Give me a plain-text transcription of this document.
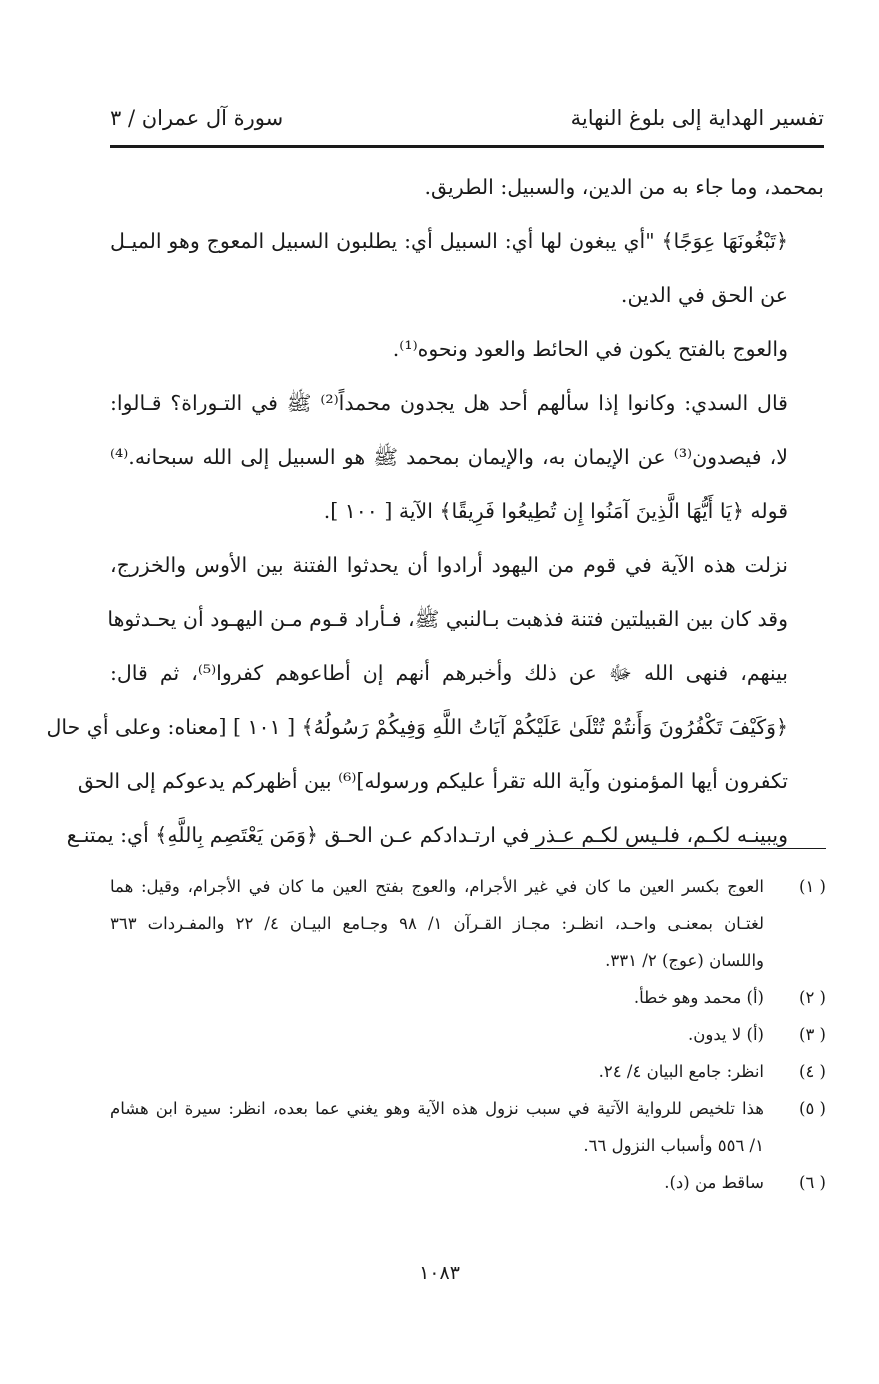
تفسير الهداية إلى بلوغ النهاية
سورة آل عمران / ٣
بمحمد، وما جاء به من الدين، والسبيل: الطريق.
﴿تَبْغُونَهَا عِوَجًا﴾ "أي يبغون لها أي: السبيل أي: يطلبون السبيل المعوج وهو الميـل
عن الحق في الدين.
والعوج بالفتح يكون في الحائط والعود ونحوه⁽¹⁾.
قال السدي: وكانوا إذا سألهم أحد هل يجدون محمداً⁽²⁾ ﷺ في التـوراة؟ قـالوا:
لا، فيصدون⁽³⁾ عن الإيمان به، والإيمان بمحمد ﷺ هو السبيل إلى الله سبحانه.⁽⁴⁾
قوله ﴿يَا أَيُّهَا الَّذِينَ آمَنُوا إِن تُطِيعُوا فَرِيقًا﴾ الآية [ ١٠٠ ].
نزلت هذه الآية في قوم من اليهود أرادوا أن يحدثوا الفتنة بين الأوس والخزرج،
وقد كان بين القبيلتين فتنة فذهبت بـالنبي ﷺ، فـأراد قـوم مـن اليهـود أن يحـدثوها
بينهم، فنهى الله ﷻ عن ذلك وأخبرهم أنهم إن أطاعوهم كفروا⁽⁵⁾، ثم قال:
﴿وَكَيْفَ تَكْفُرُونَ وَأَنتُمْ تُتْلَىٰ عَلَيْكُمْ آيَاتُ اللَّهِ وَفِيكُمْ رَسُولُهُ﴾ [ ١٠١ ] [معناه: وعلى أي حال
تكفرون أيها المؤمنون وآية الله تقرأ عليكم ورسوله]⁽⁶⁾ بين أظهركم يدعوكم إلى الحق
ويبينـه لكـم، فلـيس لكـم عـذر في ارتـدادكم عـن الحـق ﴿وَمَن يَعْتَصِم بِاللَّهِ﴾ أي: يمتنـع
( ١)
العوج بكسر العين ما كان في غير الأجرام، والعوج بفتح العين ما كان في الأجرام، وقيل: هما
لغتـان بمعنـى واحـد، انظـر: مجـاز القـرآن ١/ ٩٨ وجـامع البيـان ٤/ ٢٢ والمفـردات ٣٦٣
واللسان (عوج) ٢/ ٣٣١.
( ٢)
(أ) محمد وهو خطأ.
( ٣)
(أ) لا يدون.
( ٤)
انظر: جامع البيان ٤/ ٢٤.
( ٥)
هذا تلخيص للرواية الآتية في سبب نزول هذه الآية وهو يغني عما بعده، انظر: سيرة ابن هشام
١/ ٥٥٦ وأسباب النزول ٦٦.
( ٦)
ساقط من (د).
١٠٨٣
